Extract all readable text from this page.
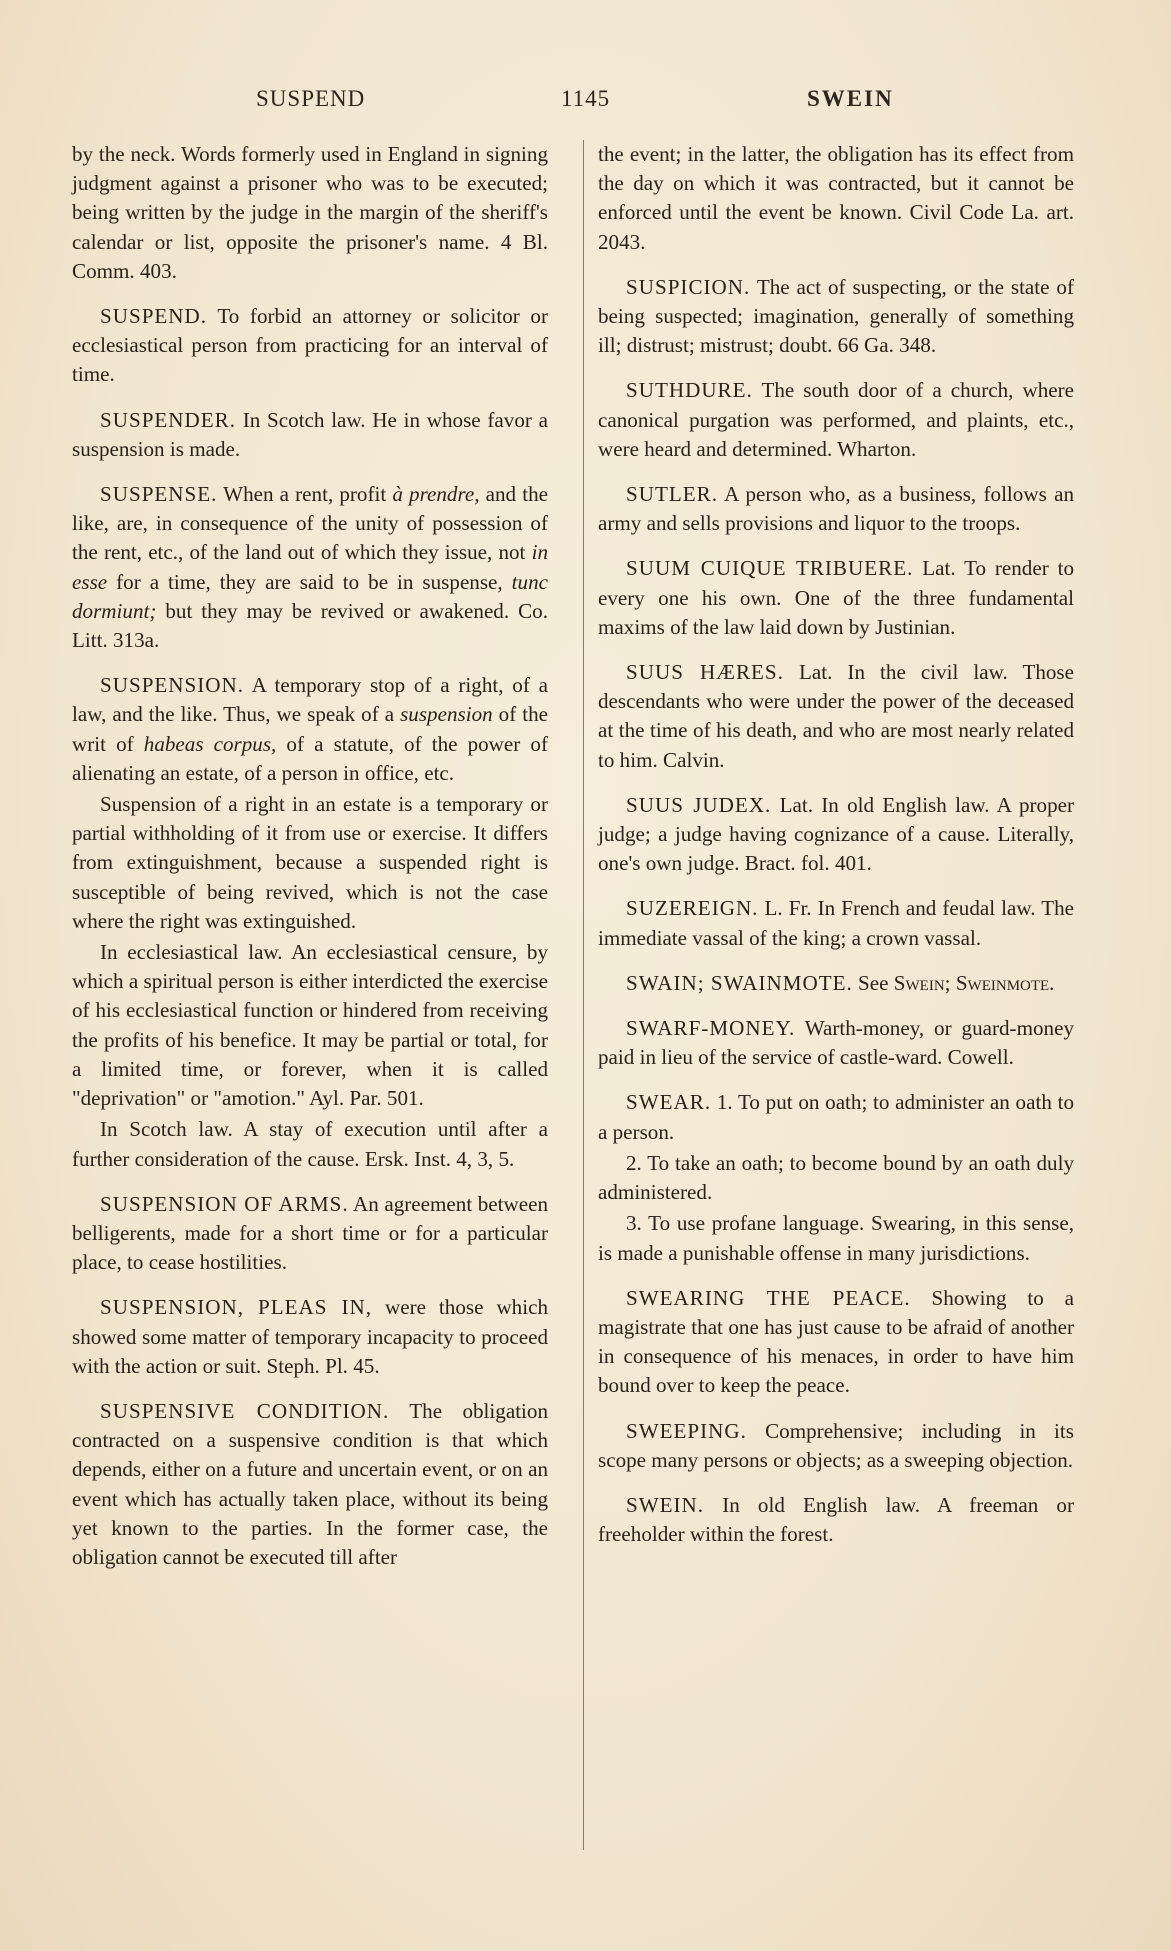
SUSPEND	1145	SWEIN

by the neck. Words formerly used in England in signing judgment against a prisoner who was to be executed; being written by the judge in the margin of the sheriff's calendar or list, opposite the prisoner's name. 4 Bl. Comm. 403.

SUSPEND. To forbid an attorney or solicitor or ecclesiastical person from practicing for an interval of time.

SUSPENDER. In Scotch law. He in whose favor a suspension is made.

SUSPENSE. When a rent, profit à prendre, and the like, are, in consequence of the unity of possession of the rent, etc., of the land out of which they issue, not in esse for a time, they are said to be in suspense, tunc dormiunt; but they may be revived or awakened. Co. Litt. 313a.

SUSPENSION. A temporary stop of a right, of a law, and the like. Thus, we speak of a suspension of the writ of habeas corpus, of a statute, of the power of alienating an estate, of a person in office, etc.

Suspension of a right in an estate is a temporary or partial withholding of it from use or exercise. It differs from extinguishment, because a suspended right is susceptible of being revived, which is not the case where the right was extinguished.

In ecclesiastical law. An ecclesiastical censure, by which a spiritual person is either interdicted the exercise of his ecclesiastical function or hindered from receiving the profits of his benefice. It may be partial or total, for a limited time, or forever, when it is called "deprivation" or "amotion." Ayl. Par. 501.

In Scotch law. A stay of execution until after a further consideration of the cause. Ersk. Inst. 4, 3, 5.

SUSPENSION OF ARMS. An agreement between belligerents, made for a short time or for a particular place, to cease hostilities.

SUSPENSION, PLEAS IN, were those which showed some matter of temporary incapacity to proceed with the action or suit. Steph. Pl. 45.

SUSPENSIVE CONDITION. The obligation contracted on a suspensive condition is that which depends, either on a future and uncertain event, or on an event which has actually taken place, without its being yet known to the parties. In the former case, the obligation cannot be executed till after

the event; in the latter, the obligation has its effect from the day on which it was contracted, but it cannot be enforced until the event be known. Civil Code La. art. 2043.

SUSPICION. The act of suspecting, or the state of being suspected; imagination, generally of something ill; distrust; mistrust; doubt. 66 Ga. 348.

SUTHDURE. The south door of a church, where canonical purgation was performed, and plaints, etc., were heard and determined. Wharton.

SUTLER. A person who, as a business, follows an army and sells provisions and liquor to the troops.

SUUM CUIQUE TRIBUERE. Lat. To render to every one his own. One of the three fundamental maxims of the law laid down by Justinian.

SUUS HÆRES. Lat. In the civil law. Those descendants who were under the power of the deceased at the time of his death, and who are most nearly related to him. Calvin.

SUUS JUDEX. Lat. In old English law. A proper judge; a judge having cognizance of a cause. Literally, one's own judge. Bract. fol. 401.

SUZEREIGN. L. Fr. In French and feudal law. The immediate vassal of the king; a crown vassal.

SWAIN; SWAINMOTE. See Swein; Sweinmote.

SWARF-MONEY. Warth-money, or guard-money paid in lieu of the service of castle-ward. Cowell.

SWEAR. 1. To put on oath; to administer an oath to a person.

2. To take an oath; to become bound by an oath duly administered.

3. To use profane language. Swearing, in this sense, is made a punishable offense in many jurisdictions.

SWEARING THE PEACE. Showing to a magistrate that one has just cause to be afraid of another in consequence of his menaces, in order to have him bound over to keep the peace.

SWEEPING. Comprehensive; including in its scope many persons or objects; as a sweeping objection.

SWEIN. In old English law. A freeman or freeholder within the forest.
